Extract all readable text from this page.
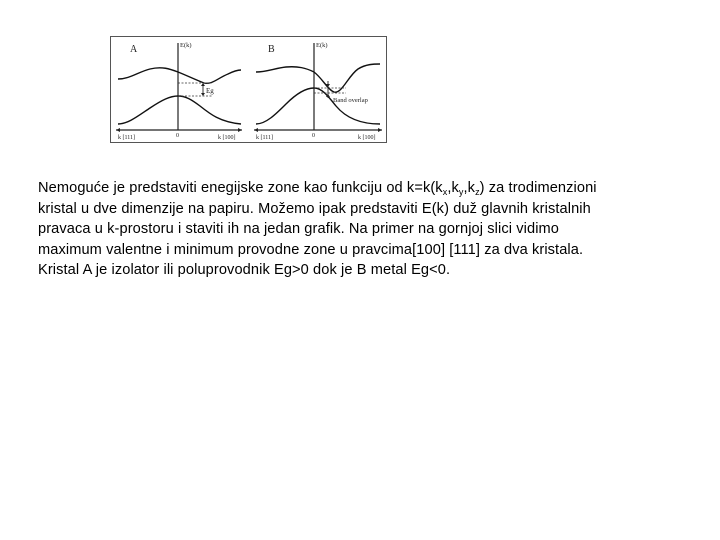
A	E(k)
Eg
k [111]	0	k [100]
B	E(k)
Band overlap
k [111]	0	k [100]
Nemoguće je predstaviti enegijske zone kao funkciju od $k=k(k_x,k_y,k_z)$ za trodimenzioni
kristal u dve dimenzije na papiru. Možemo ipak predstaviti E(k) duž glavnih kristalnih
pravaca u k-prostoru i staviti ih na jedan grafik. Na primer na gornjoj slici vidimo
maximum valentne i minimum provodne zone u pravcima[100] [111] za dva kristala.
Kristal A je izolator ili poluprovodnik Eg>0 dok je B metal Eg<0.
